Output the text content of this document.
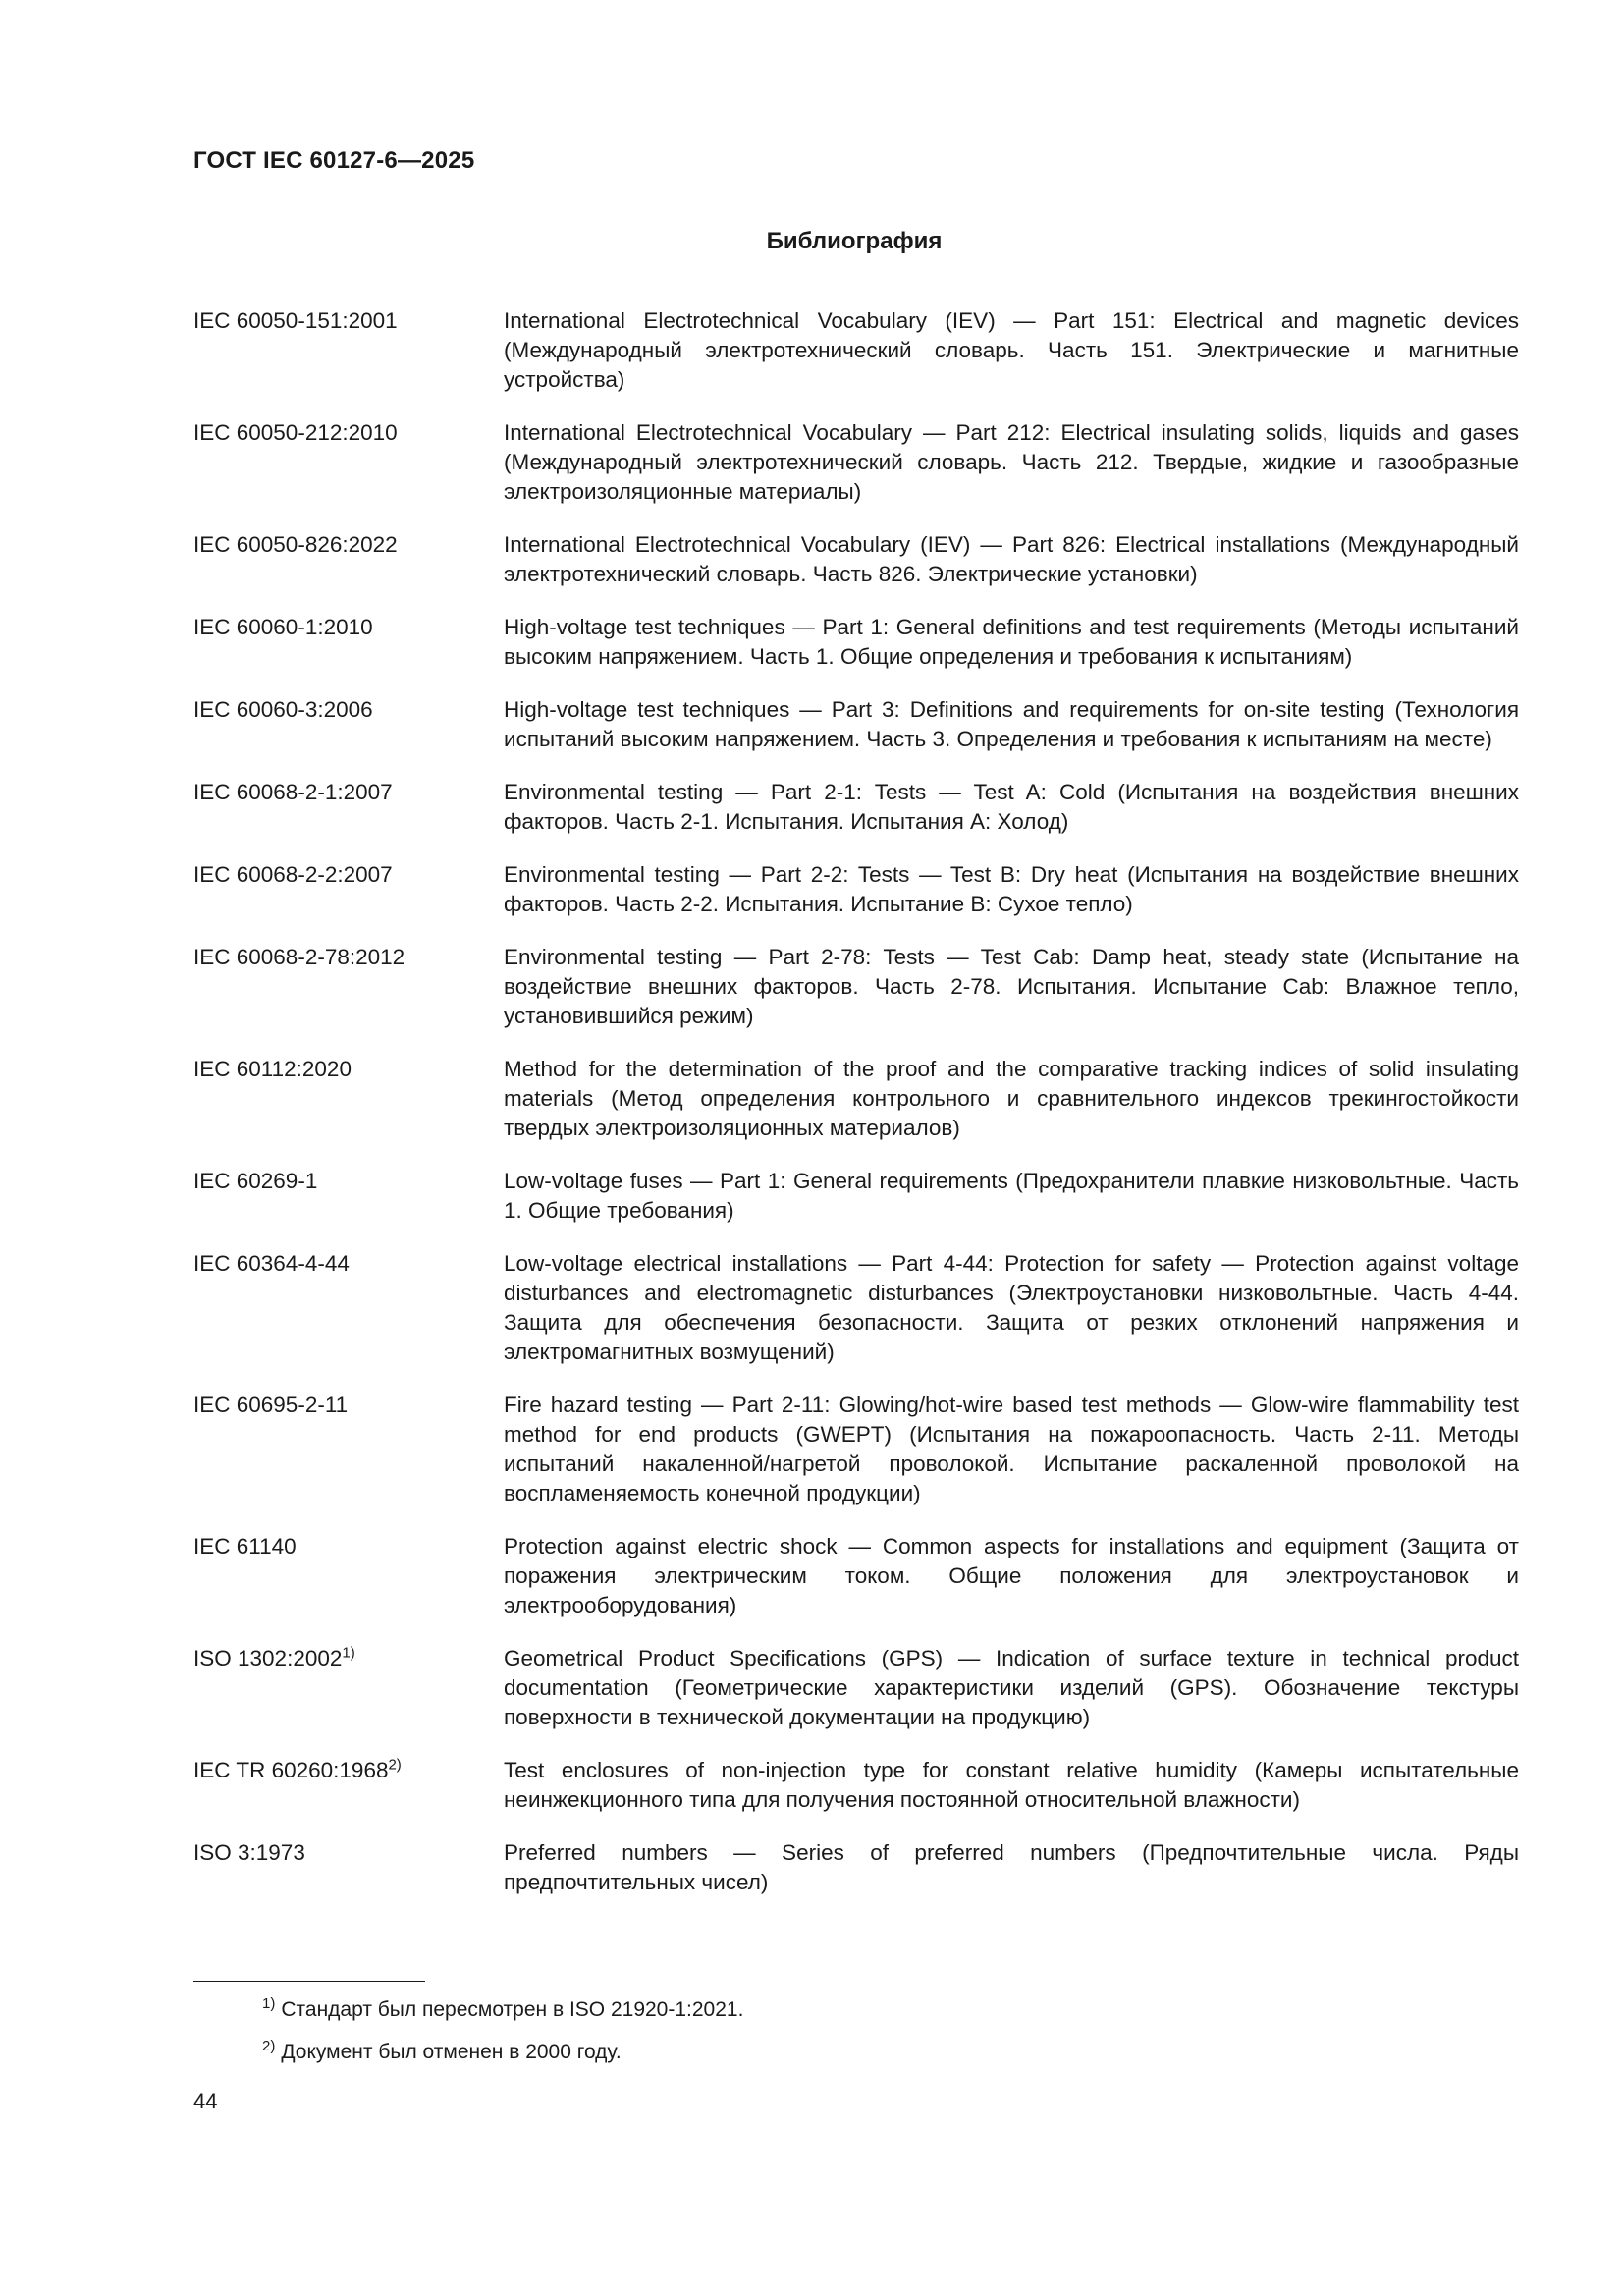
ГОСТ IEC 60127-6—2025
Библиография
IEC 60050-151:2001	International Electrotechnical Vocabulary (IEV) — Part 151: Electrical and magnetic devices (Международный электротехнический словарь. Часть 151. Электрические и магнитные устройства)
IEC 60050-212:2010	International Electrotechnical Vocabulary — Part 212: Electrical insulating solids, liquids and gases (Международный электротехнический словарь. Часть 212. Твердые, жидкие и газообразные электроизоляционные материалы)
IEC 60050-826:2022	International Electrotechnical Vocabulary (IEV) — Part 826: Electrical installations (Международный электротехнический словарь. Часть 826. Электрические установки)
IEC 60060-1:2010	High-voltage test techniques — Part 1: General definitions and test requirements (Методы испытаний высоким напряжением. Часть 1. Общие определения и требования к испытаниям)
IEC 60060-3:2006	High-voltage test techniques — Part 3: Definitions and requirements for on-site testing (Технология испытаний высоким напряжением. Часть 3. Определения и требования к испытаниям на месте)
IEC 60068-2-1:2007	Environmental testing — Part 2-1: Tests — Test A: Cold (Испытания на воздействия внешних факторов. Часть 2-1. Испытания. Испытания А: Холод)
IEC 60068-2-2:2007	Environmental testing — Part 2-2: Tests — Test B: Dry heat (Испытания на воздействие внешних факторов. Часть 2-2. Испытания. Испытание В: Сухое тепло)
IEC 60068-2-78:2012	Environmental testing — Part 2-78: Tests — Test Cab: Damp heat, steady state (Испытание на воздействие внешних факторов. Часть 2-78. Испытания. Испытание Cab: Влажное тепло, установившийся режим)
IEC 60112:2020	Method for the determination of the proof and the comparative tracking indices of solid insulating materials (Метод определения контрольного и сравнительного индексов трекингостойкости твердых электроизоляционных материалов)
IEC 60269-1	Low-voltage fuses — Part 1: General requirements (Предохранители плавкие низковольтные. Часть 1. Общие требования)
IEC 60364-4-44	Low-voltage electrical installations — Part 4-44: Protection for safety — Protection against voltage disturbances and electromagnetic disturbances (Электроустановки низковольтные. Часть 4-44. Защита для обеспечения безопасности. Защита от резких отклонений напряжения и электромагнитных возмущений)
IEC 60695-2-11	Fire hazard testing — Part 2-11: Glowing/hot-wire based test methods — Glow-wire flammability test method for end products (GWEPT) (Испытания на пожароопасность. Часть 2-11. Методы испытаний накаленной/нагретой проволокой. Испытание раскаленной проволокой на воспламеняемость конечной продукции)
IEC 61140	Protection against electric shock — Common aspects for installations and equipment (Защита от поражения электрическим током. Общие положения для электроустановок и электрооборудования)
ISO 1302:2002$^{1)}$	Geometrical Product Specifications (GPS) — Indication of surface texture in technical product documentation (Геометрические характеристики изделий (GPS). Обозначение текстуры поверхности в технической документации на продукцию)
IEC TR 60260:1968$^{2)}$	Test enclosures of non-injection type for constant relative humidity (Камеры испытательные неинжекционного типа для получения постоянной относительной влажности)
ISO 3:1973	Preferred numbers — Series of preferred numbers (Предпочтительные числа. Ряды предпочтительных чисел)
$^{1)}$ Стандарт был пересмотрен в ISO 21920-1:2021.
$^{2)}$ Документ был отменен в 2000 году.
44
